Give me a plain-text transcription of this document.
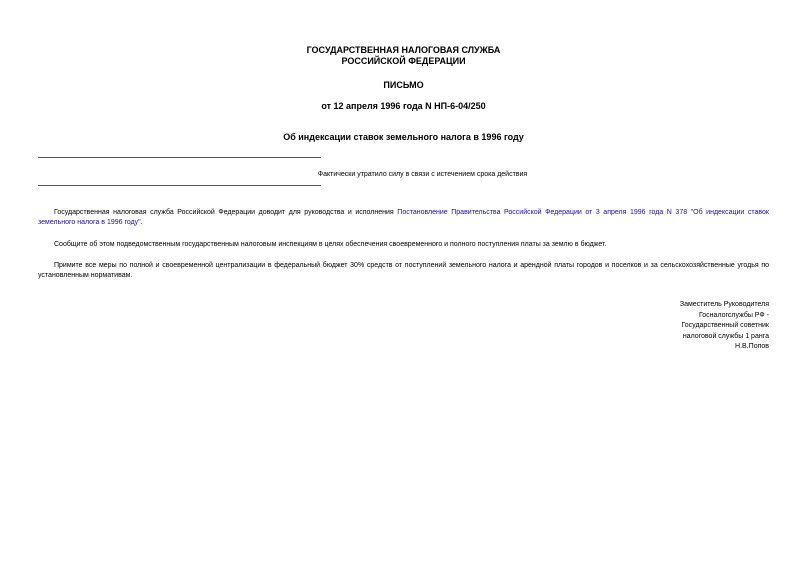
ГОСУДАРСТВЕННАЯ НАЛОГОВАЯ СЛУЖБА
РОССИЙСКОЙ ФЕДЕРАЦИИ
ПИСЬМО
от 12 апреля 1996 года N НП-6-04/250
Об индексации ставок земельного налога в 1996 году
Фактически утратило силу в связи с истечением срока действия

Государственная налоговая служба Российской Федерации доводит для руководства и исполнения Постановление Правительства Российской Федерации от 3 апреля 1996 года N 378 "Об индексации ставок земельного налога в 1996 году".

Сообщите об этом подведомственным государственным налоговым инспекциям в целях обеспечения своевременного и полного поступления платы за землю в бюджет.

Примите все меры по полной и своевременной централизации в федеральный бюджет 30% средств от поступлений земельного налога и арендной платы городов и поселков и за сельскохозяйственные угодья по установленным нормативам.

Заместитель Руководителя
Госналогслужбы РФ -
Государственный советник
налоговой службы 1 ранга
Н.В.Попов
